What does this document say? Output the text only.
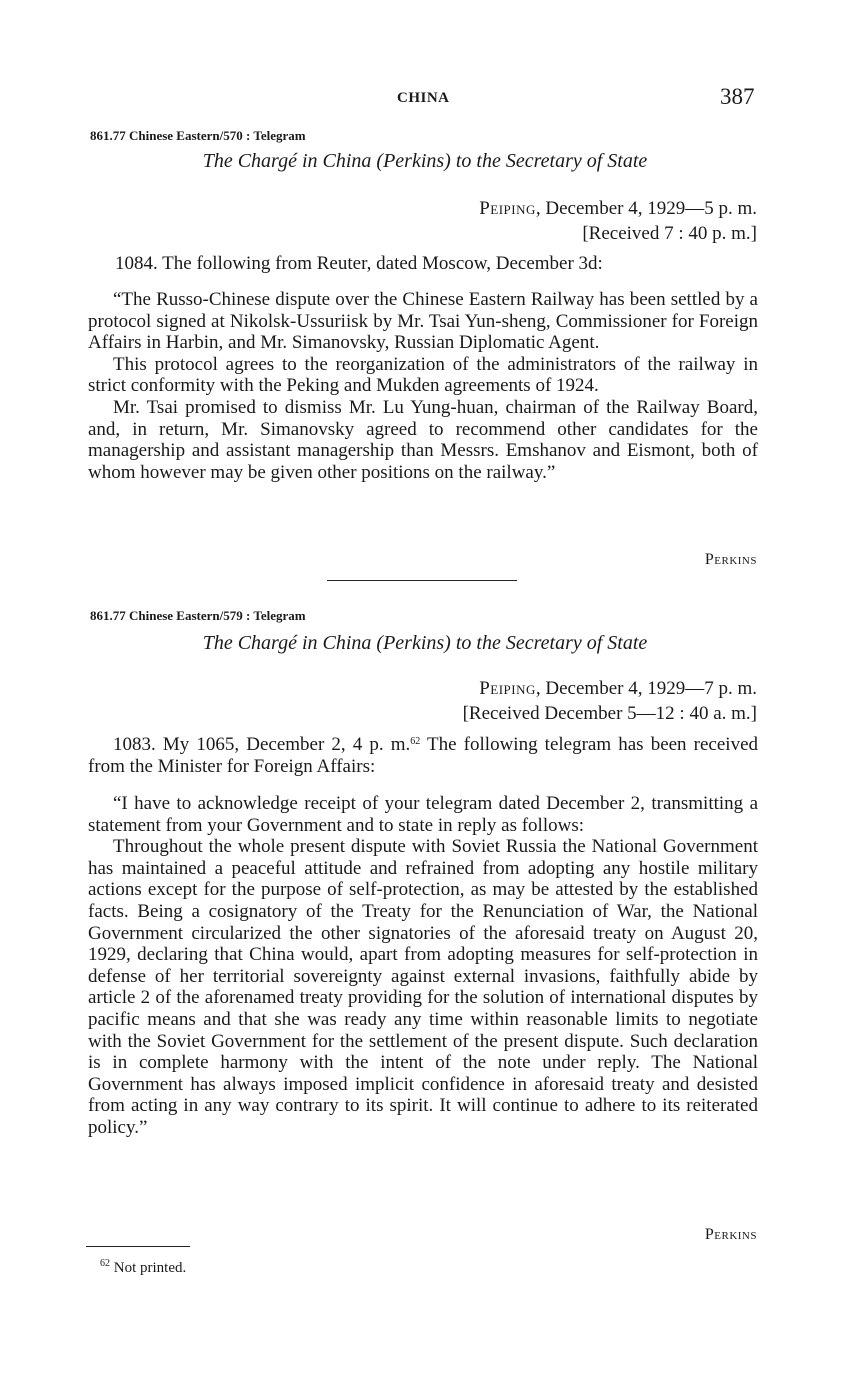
CHINA	387
861.77 Chinese Eastern/570 : Telegram
The Chargé in China (Perkins) to the Secretary of State
Peiping, December 4, 1929—5 p. m.
[Received 7 : 40 p. m.]

1084. The following from Reuter, dated Moscow, December 3d:

“The Russo-Chinese dispute over the Chinese Eastern Railway has been settled by a protocol signed at Nikolsk-Ussuriisk by Mr. Tsai Yun-sheng, Commissioner for Foreign Affairs in Harbin, and Mr. Simanovsky, Russian Diplomatic Agent.

This protocol agrees to the reorganization of the administrators of the railway in strict conformity with the Peking and Mukden agreements of 1924.

Mr. Tsai promised to dismiss Mr. Lu Yung-huan, chairman of the Railway Board, and, in return, Mr. Simanovsky agreed to recommend other candidates for the managership and assistant managership than Messrs. Emshanov and Eismont, both of whom however may be given other positions on the railway.”

Perkins
861.77 Chinese Eastern/579 : Telegram
The Chargé in China (Perkins) to the Secretary of State
Peiping, December 4, 1929—7 p. m.
[Received December 5—12 : 40 a. m.]

1083. My 1065, December 2, 4 p. m.$^{62}$ The following telegram has been received from the Minister for Foreign Affairs:

“I have to acknowledge receipt of your telegram dated December 2, transmitting a statement from your Government and to state in reply as follows:

Throughout the whole present dispute with Soviet Russia the National Government has maintained a peaceful attitude and refrained from adopting any hostile military actions except for the purpose of self-protection, as may be attested by the established facts. Being a cosignatory of the Treaty for the Renunciation of War, the National Government circularized the other signatories of the aforesaid treaty on August 20, 1929, declaring that China would, apart from adopting measures for self-protection in defense of her territorial sovereignty against external invasions, faithfully abide by article 2 of the aforenamed treaty providing for the solution of international disputes by pacific means and that she was ready any time within reasonable limits to negotiate with the Soviet Government for the settlement of the present dispute. Such declaration is in complete harmony with the intent of the note under reply. The National Government has always imposed implicit confidence in aforesaid treaty and desisted from acting in any way contrary to its spirit. It will continue to adhere to its reiterated policy.”

Perkins
$^{62}$ Not printed.
